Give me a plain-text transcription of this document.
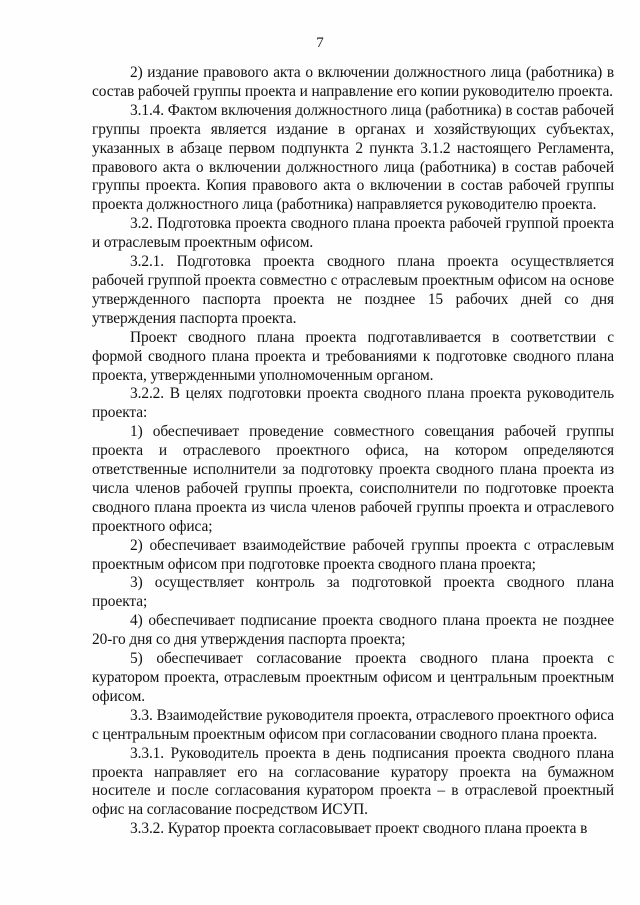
7

2) издание правового акта о включении должностного лица (работника) в состав рабочей группы проекта и направление его копии руководителю проекта.

3.1.4. Фактом включения должностного лица (работника) в состав рабочей группы проекта является издание в органах и хозяйствующих субъектах, указанных в абзаце первом подпункта 2 пункта 3.1.2 настоящего Регламента, правового акта о включении должностного лица (работника) в состав рабочей группы проекта. Копия правового акта о включении в состав рабочей группы проекта должностного лица (работника) направляется руководителю проекта.

3.2. Подготовка проекта сводного плана проекта рабочей группой проекта и отраслевым проектным офисом.

3.2.1. Подготовка проекта сводного плана проекта осуществляется рабочей группой проекта совместно с отраслевым проектным офисом на основе утвержденного паспорта проекта не позднее 15 рабочих дней со дня утверждения паспорта проекта.

Проект сводного плана проекта подготавливается в соответствии с формой сводного плана проекта и требованиями к подготовке сводного плана проекта, утвержденными уполномоченным органом.

3.2.2. В целях подготовки проекта сводного плана проекта руководитель проекта:

1) обеспечивает проведение совместного совещания рабочей группы проекта и отраслевого проектного офиса, на котором определяются ответственные исполнители за подготовку проекта сводного плана проекта из числа членов рабочей группы проекта, соисполнители по подготовке проекта сводного плана проекта из числа членов рабочей группы проекта и отраслевого проектного офиса;

2) обеспечивает взаимодействие рабочей группы проекта с отраслевым проектным офисом при подготовке проекта сводного плана проекта;

3) осуществляет контроль за подготовкой проекта сводного плана проекта;

4) обеспечивает подписание проекта сводного плана проекта не позднее 20-го дня со дня утверждения паспорта проекта;

5) обеспечивает согласование проекта сводного плана проекта с куратором проекта, отраслевым проектным офисом и центральным проектным офисом.

3.3. Взаимодействие руководителя проекта, отраслевого проектного офиса с центральным проектным офисом при согласовании сводного плана проекта.

3.3.1. Руководитель проекта в день подписания проекта сводного плана проекта направляет его на согласование куратору проекта на бумажном носителе и после согласования куратором проекта – в отраслевой проектный офис на согласование посредством ИСУП.

3.3.2. Куратор проекта согласовывает проект сводного плана проекта в
